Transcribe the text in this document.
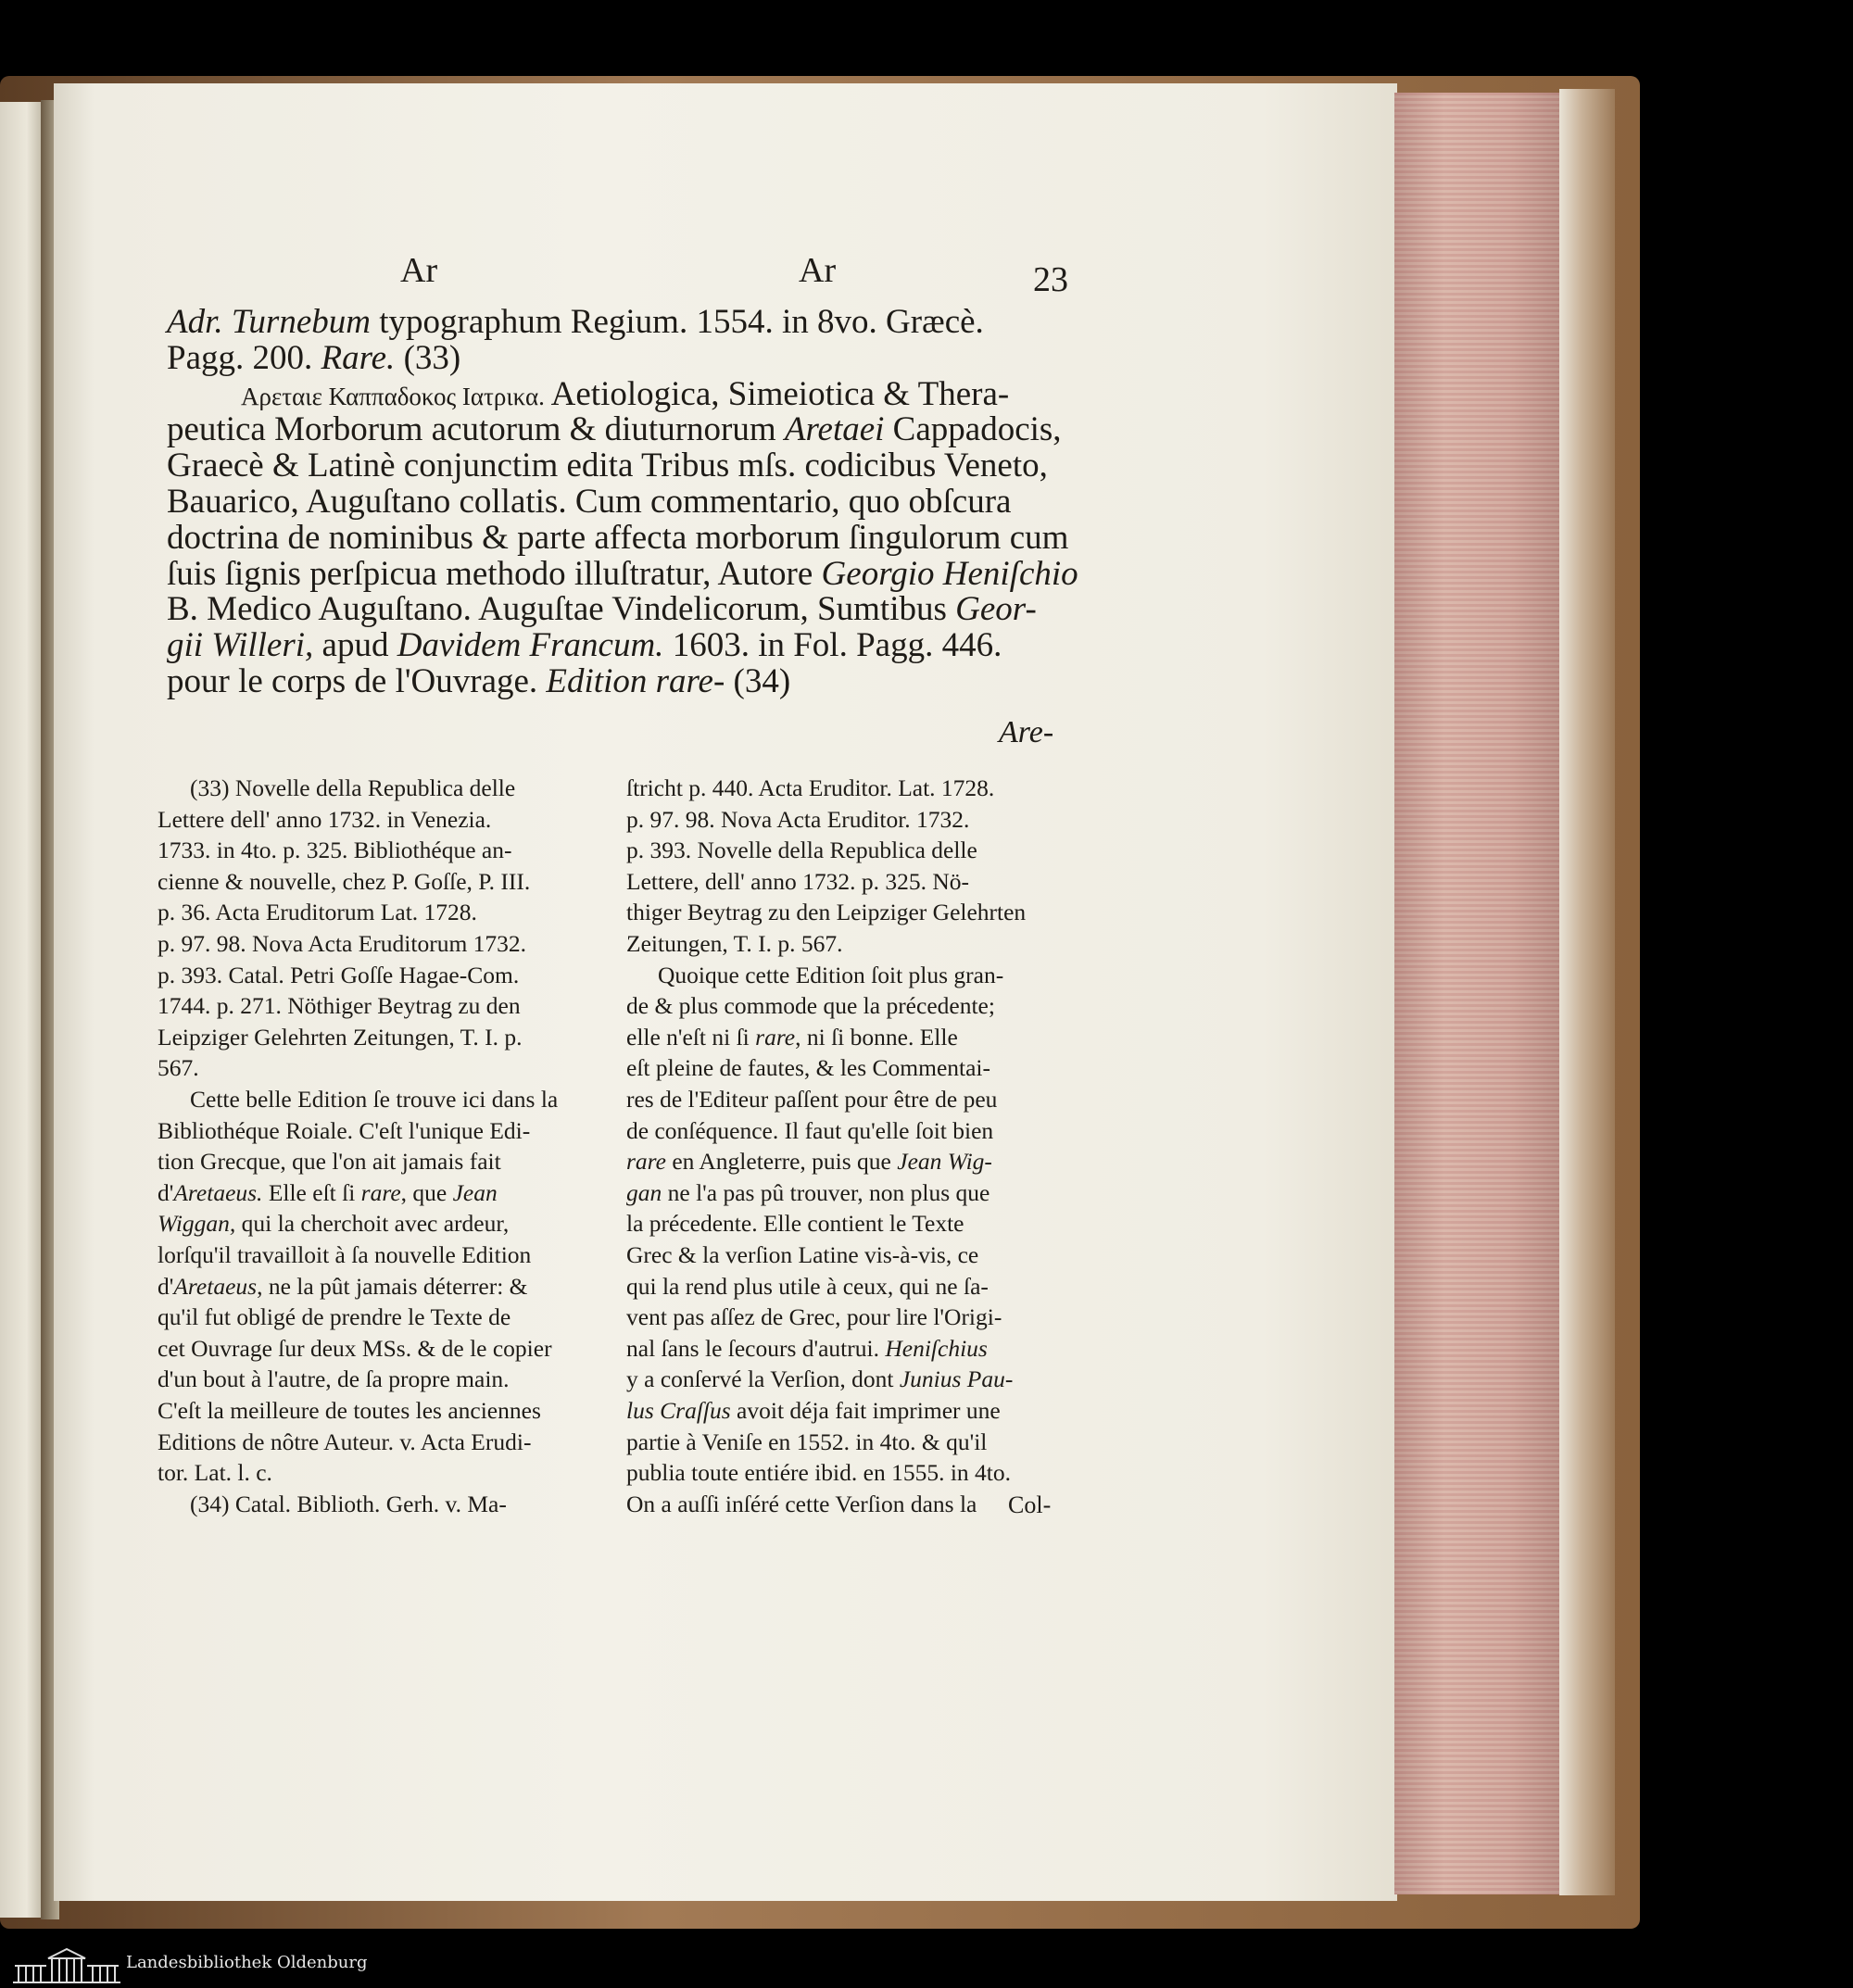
Ar	Ar	23
Adr. Turnebum typographum Regium. 1554. in 8vo. Græcè.
Pagg. 200. Rare. (33)
Αρεταιε Καππαδοκος Ιατρικα. Aetiologica, Simeiotica & Thera-
peutica Morborum acutorum & diuturnorum Aretaei Cappadocis,
Graecè & Latinè conjunctim edita Tribus mſs. codicibus Veneto,
Bauarico, Auguſtano collatis. Cum commentario, quo obſcura
doctrina de nominibus & parte affecta morborum ſingulorum cum
ſuis ſignis perſpicua methodo illuſtratur, Autore Georgio Heniſchio
B. Medico Auguſtano. Auguſtae Vindelicorum, Sumtibus Geor-
gii Willeri, apud Davidem Francum. 1603. in Fol. Pagg. 446.
pour le corps de l'Ouvrage. Edition rare- (34)
Are-
(33) Novelle della Republica delle
Lettere dell' anno 1732. in Venezia.
1733. in 4to. p. 325. Bibliothéque an-
cienne & nouvelle, chez P. Goſſe, P. III.
p. 36. Acta Eruditorum Lat. 1728.
p. 97. 98. Nova Acta Eruditorum 1732.
p. 393. Catal. Petri Goſſe Hagae-Com.
1744. p. 271. Nöthiger Beytrag zu den
Leipziger Gelehrten Zeitungen, T. I. p.
567.
Cette belle Edition ſe trouve ici dans la
Bibliothéque Roiale. C'eſt l'unique Edi-
tion Grecque, que l'on ait jamais fait
d'Aretaeus. Elle eſt ſi rare, que Jean
Wiggan, qui la cherchoit avec ardeur,
lorſqu'il travailloit à ſa nouvelle Edition
d'Aretaeus, ne la pût jamais déterrer: &
qu'il fut obligé de prendre le Texte de
cet Ouvrage ſur deux MSs. & de le copier
d'un bout à l'autre, de ſa propre main.
C'eſt la meilleure de toutes les anciennes
Editions de nôtre Auteur. v. Acta Erudi-
tor. Lat. l. c.
(34) Catal. Biblioth. Gerh. v. Ma-
ſtricht p. 440. Acta Eruditor. Lat. 1728.
p. 97. 98. Nova Acta Eruditor. 1732.
p. 393. Novelle della Republica delle
Lettere, dell' anno 1732. p. 325. Nö-
thiger Beytrag zu den Leipziger Gelehrten
Zeitungen, T. I. p. 567.
Quoique cette Edition ſoit plus gran-
de & plus commode que la précedente;
elle n'eſt ni ſi rare, ni ſi bonne. Elle
eſt pleine de fautes, & les Commentai-
res de l'Editeur paſſent pour être de peu
de conſéquence. Il faut qu'elle ſoit bien
rare en Angleterre, puis que Jean Wig-
gan ne l'a pas pû trouver, non plus que
la précedente. Elle contient le Texte
Grec & la verſion Latine vis-à-vis, ce
qui la rend plus utile à ceux, qui ne ſa-
vent pas aſſez de Grec, pour lire l'Origi-
nal ſans le ſecours d'autrui. Heniſchius
y a conſervé la Verſion, dont Junius Pau-
lus Craſſus avoit déja fait imprimer une
partie à Veniſe en 1552. in 4to. & qu'il
publia toute entiére ibid. en 1555. in 4to.
On a auſſi inſéré cette Verſion dans la	Col-
Landesbibliothek Oldenburg
